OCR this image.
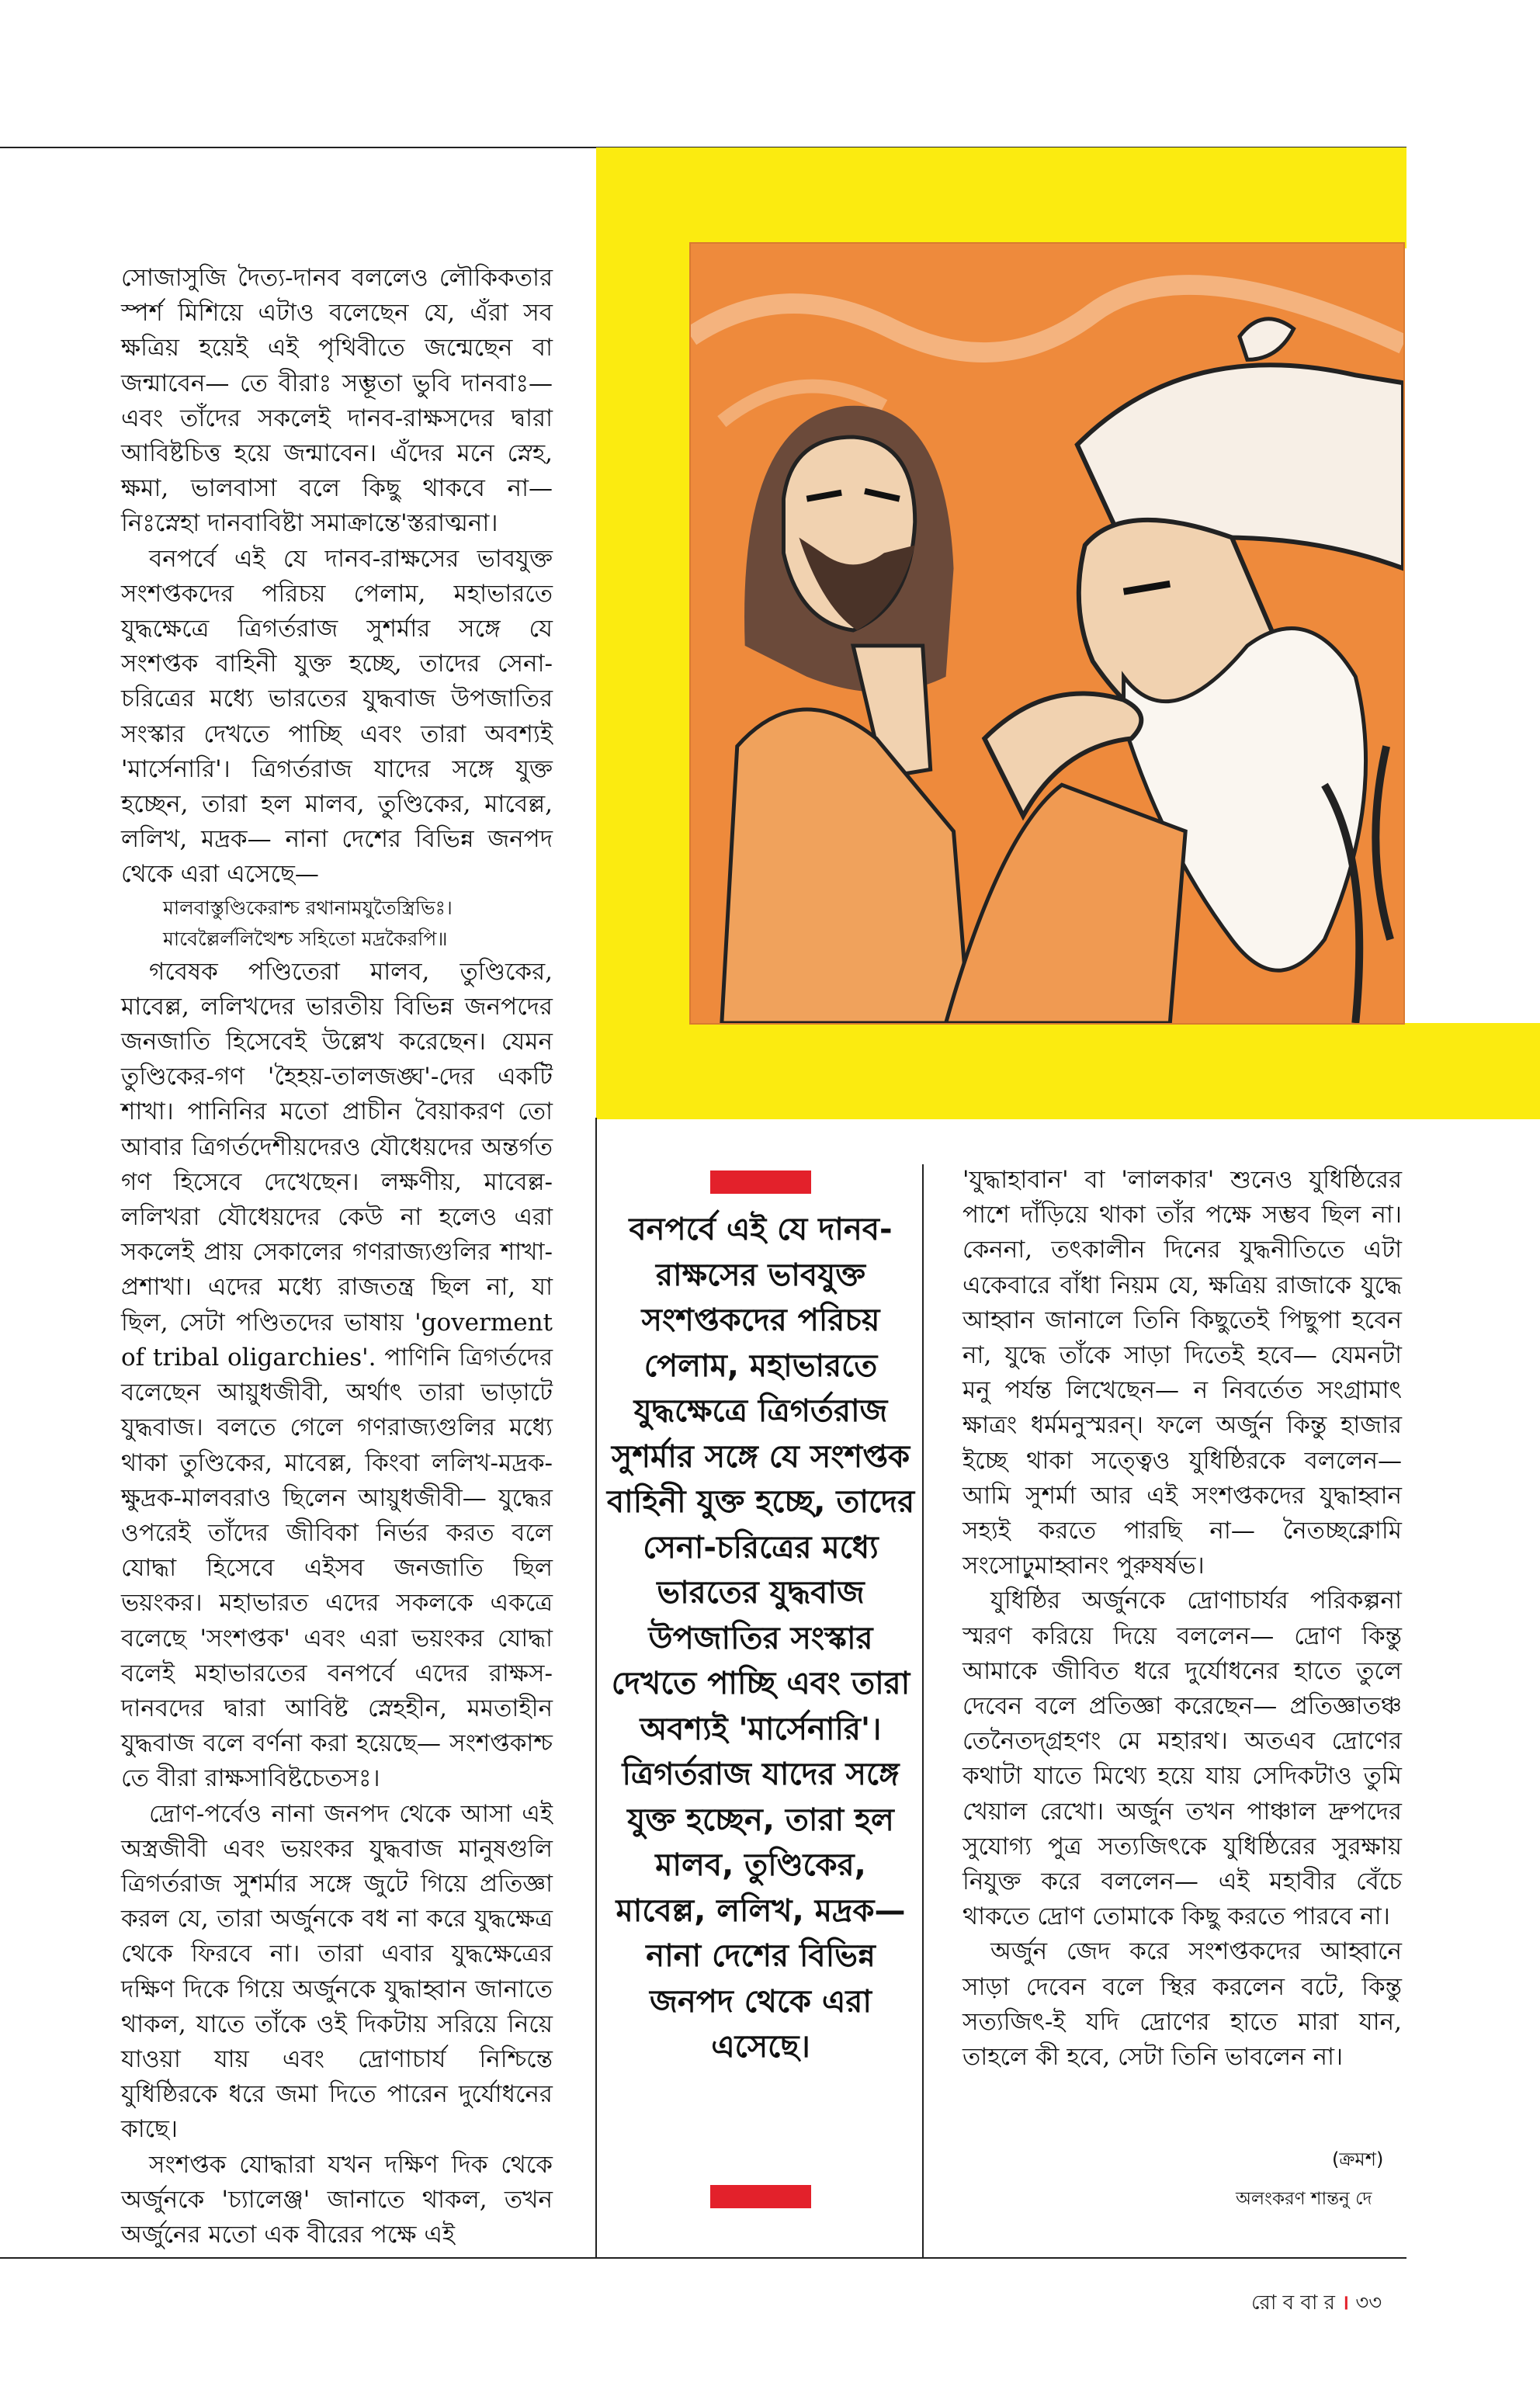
সোজাসুজি দৈত্য-দানব বললেও লৌকিকতার স্পর্শ মিশিয়ে এটাও বলেছেন যে, এঁরা সব ক্ষত্রিয় হয়েই এই পৃথিবীতে জন্মেছেন বা জন্মাবেন— তে বীরাঃ সম্ভূতা ভুবি দানবাঃ— এবং তাঁদের সকলেই দানব-রাক্ষসদের দ্বারা আবিষ্টচিত্ত হয়ে জন্মাবেন। এঁদের মনে স্নেহ, ক্ষমা, ভালবাসা বলে কিছু থাকবে না— নিঃস্নেহা দানবাবিষ্টা সমাক্রান্তে'স্তরাত্মনা।

বনপর্বে এই যে দানব-রাক্ষসের ভাবযুক্ত সংশপ্তকদের পরিচয় পেলাম, মহাভারতে যুদ্ধক্ষেত্রে ত্রিগর্তরাজ সুশর্মার সঙ্গে যে সংশপ্তক বাহিনী যুক্ত হচ্ছে, তাদের সেনা-চরিত্রের মধ্যে ভারতের যুদ্ধবাজ উপজাতির সংস্কার দেখতে পাচ্ছি এবং তারা অবশ্যই 'মার্সেনারি'। ত্রিগর্তরাজ যাদের সঙ্গে যুক্ত হচ্ছেন, তারা হল মালব, তুণ্ডিকের, মাবেল্ল, ললিখ, মদ্রক— নানা দেশের বিভিন্ন জনপদ থেকে এরা এসেছে—

মালবাস্তুণ্ডিকেরাশ্চ রথানামযুতৈস্ত্রিভিঃ।

মাবেল্লৈর্ললিত্থৈশ্চ সহিতো মদ্রকৈরপি॥

গবেষক পণ্ডিতেরা মালব, তুণ্ডিকের, মাবেল্ল, ললিখদের ভারতীয় বিভিন্ন জনপদের জনজাতি হিসেবেই উল্লেখ করেছেন। যেমন তুণ্ডিকের-গণ 'হৈহয়-তালজঙ্ঘ'-দের একটি শাখা। পানিনির মতো প্রাচীন বৈয়াকরণ তো আবার ত্রিগর্তদেশীয়দেরও যৌধেয়দের অন্তর্গত গণ হিসেবে দেখেছেন। লক্ষণীয়, মাবেল্ল-ললিখরা যৌধেয়দের কেউ না হলেও এরা সকলেই প্রায় সেকালের গণরাজ্যগুলির শাখা-প্রশাখা। এদের মধ্যে রাজতন্ত্র ছিল না, যা ছিল, সেটা পণ্ডিতদের ভাষায় 'goverment of tribal oligarchies'. পাণিনি ত্রিগর্তদের বলেছেন আয়ুধজীবী, অর্থাৎ তারা ভাড়াটে যুদ্ধবাজ। বলতে গেলে গণরাজ্যগুলির মধ্যে থাকা তুণ্ডিকের, মাবেল্ল, কিংবা ললিখ-মদ্রক-ক্ষুদ্রক-মালবরাও ছিলেন আয়ুধজীবী— যুদ্ধের ওপরেই তাঁদের জীবিকা নির্ভর করত বলে যোদ্ধা হিসেবে এইসব জনজাতি ছিল ভয়ংকর। মহাভারত এদের সকলকে একত্রে বলেছে 'সংশপ্তক' এবং এরা ভয়ংকর যোদ্ধা বলেই মহাভারতের বনপর্বে এদের রাক্ষস-দানবদের দ্বারা আবিষ্ট স্নেহহীন, মমতাহীন যুদ্ধবাজ বলে বর্ণনা করা হয়েছে— সংশপ্তকাশ্চ তে বীরা রাক্ষসাবিষ্টচেতসঃ।

দ্রোণ-পর্বেও নানা জনপদ থেকে আসা এই অস্ত্রজীবী এবং ভয়ংকর যুদ্ধবাজ মানুষগুলি ত্রিগর্তরাজ সুশর্মার সঙ্গে জুটে গিয়ে প্রতিজ্ঞা করল যে, তারা অর্জুনকে বধ না করে যুদ্ধক্ষেত্র থেকে ফিরবে না। তারা এবার যুদ্ধক্ষেত্রের দক্ষিণ দিকে গিয়ে অর্জুনকে যুদ্ধাহ্বান জানাতে থাকল, যাতে তাঁকে ওই দিকটায় সরিয়ে নিয়ে যাওয়া যায় এবং দ্রোণাচার্য নিশ্চিন্তে যুধিষ্ঠিরকে ধরে জমা দিতে পারেন দুর্যোধনের কাছে।

সংশপ্তক যোদ্ধারা যখন দক্ষিণ দিক থেকে অর্জুনকে 'চ্যালেঞ্জ' জানাতে থাকল, তখন অর্জুনের মতো এক বীরের পক্ষে এই

বনপর্বে এই যে দানব-রাক্ষসের ভাবযুক্ত সংশপ্তকদের পরিচয় পেলাম, মহাভারতে যুদ্ধক্ষেত্রে ত্রিগর্তরাজ সুশর্মার সঙ্গে যে সংশপ্তক বাহিনী যুক্ত হচ্ছে, তাদের সেনা-চরিত্রের মধ্যে ভারতের যুদ্ধবাজ উপজাতির সংস্কার দেখতে পাচ্ছি এবং তারা অবশ্যই 'মার্সেনারি'। ত্রিগর্তরাজ যাদের সঙ্গে যুক্ত হচ্ছেন, তারা হল মালব, তুণ্ডিকের, মাবেল্ল, ললিখ, মদ্রক— নানা দেশের বিভিন্ন জনপদ থেকে এরা এসেছে।

'যুদ্ধাহাবান' বা 'লালকার' শুনেও যুধিষ্ঠিরের পাশে দাঁড়িয়ে থাকা তাঁর পক্ষে সম্ভব ছিল না। কেননা, তৎকালীন দিনের যুদ্ধনীতিতে এটা একেবারে বাঁধা নিয়ম যে, ক্ষত্রিয় রাজাকে যুদ্ধে আহ্বান জানালে তিনি কিছুতেই পিছুপা হবেন না, যুদ্ধে তাঁকে সাড়া দিতেই হবে— যেমনটা মনু পর্যন্ত লিখেছেন— ন নিবর্তেত সংগ্রামাৎ ক্ষাত্রং ধর্মমনুস্মরন্। ফলে অর্জুন কিন্তু হাজার ইচ্ছে থাকা সত্ত্বেও যুধিষ্ঠিরকে বললেন— আমি সুশর্মা আর এই সংশপ্তকদের যুদ্ধাহ্বান সহ্যই করতে পারছি না— নৈতচ্ছক্নোমি সংসোঢ়ুমাহ্বানং পুরুষর্ষভ।

যুধিষ্ঠির অর্জুনকে দ্রোণাচার্যর পরিকল্পনা স্মরণ করিয়ে দিয়ে বললেন— দ্রোণ কিন্তু আমাকে জীবিত ধরে দুর্যোধনের হাতে তুলে দেবেন বলে প্রতিজ্ঞা করেছেন— প্রতিজ্ঞাতঞ্চ তেনৈতদ্গ্রহণং মে মহারথ। অতএব দ্রোণের কথাটা যাতে মিথ্যে হয়ে যায় সেদিকটাও তুমি খেয়াল রেখো। অর্জুন তখন পাঞ্চাল দ্রুপদের সুযোগ্য পুত্র সত্যজিৎকে যুধিষ্ঠিরের সুরক্ষায় নিযুক্ত করে বললেন— এই মহাবীর বেঁচে থাকতে দ্রোণ তোমাকে কিছু করতে পারবে না।

অর্জুন জেদ করে সংশপ্তকদের আহ্বানে সাড়া দেবেন বলে স্থির করলেন বটে, কিন্তু সত্যজিৎ-ই যদি দ্রোণের হাতে মারা যান, তাহলে কী হবে, সেটা তিনি ভাবলেন না।

(ক্রমশ)
অলংকরণ শান্তনু দে
রো ব বা র । ৩৩
